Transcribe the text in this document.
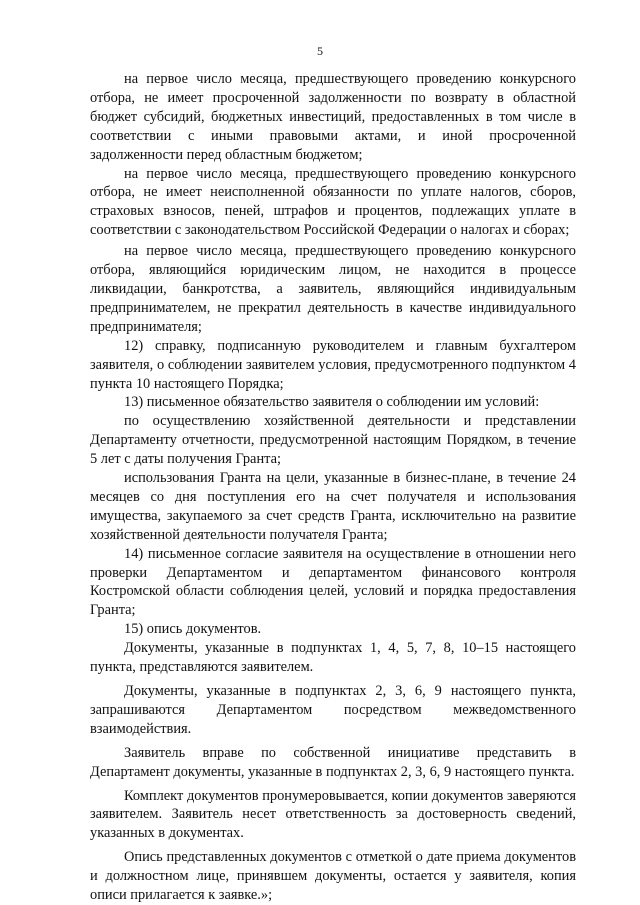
5

на первое число месяца, предшествующего проведению конкурсного отбора, не имеет просроченной задолженности по возврату в областной бюджет субсидий, бюджетных инвестиций, предоставленных в том числе в соответствии с иными правовыми актами, и иной просроченной задолженности перед областным бюджетом;

на первое число месяца, предшествующего проведению конкурсного отбора, не имеет неисполненной обязанности по уплате налогов, сборов, страховых взносов, пеней, штрафов и процентов, подлежащих уплате в соответствии с законодательством Российской Федерации о налогах и сборах;

на первое число месяца, предшествующего проведению конкурсного отбора, являющийся юридическим лицом, не находится в процессе ликвидации, банкротства, а заявитель, являющийся индивидуальным предпринимателем, не прекратил деятельность в качестве индивидуального предпринимателя;

12) справку, подписанную руководителем и главным бухгалтером заявителя, о соблюдении заявителем условия, предусмотренного подпунктом 4 пункта 10 настоящего Порядка;

13) письменное обязательство заявителя о соблюдении им условий:

по осуществлению хозяйственной деятельности и представлении Департаменту отчетности, предусмотренной настоящим Порядком, в течение 5 лет с даты получения Гранта;

использования Гранта на цели, указанные в бизнес-плане, в течение 24 месяцев со дня поступления его на счет получателя и использования имущества, закупаемого за счет средств Гранта, исключительно на развитие хозяйственной деятельности получателя Гранта;

14) письменное согласие заявителя на осуществление в отношении него проверки Департаментом и департаментом финансового контроля Костромской области соблюдения целей, условий и порядка предоставления Гранта;

15) опись документов.

Документы, указанные в подпунктах 1, 4, 5, 7, 8, 10–15 настоящего пункта, представляются заявителем.

Документы, указанные в подпунктах 2, 3, 6, 9 настоящего пункта, запрашиваются Департаментом посредством межведомственного взаимодействия.

Заявитель вправе по собственной инициативе представить в Департамент документы, указанные в подпунктах 2, 3, 6, 9 настоящего пункта.

Комплект документов пронумеровывается, копии документов заверяются заявителем. Заявитель несет ответственность за достоверность сведений, указанных в документах.

Опись представленных документов с отметкой о дате приема документов и должностном лице, принявшем документы, остается у заявителя, копия описи прилагается к заявке.»;
